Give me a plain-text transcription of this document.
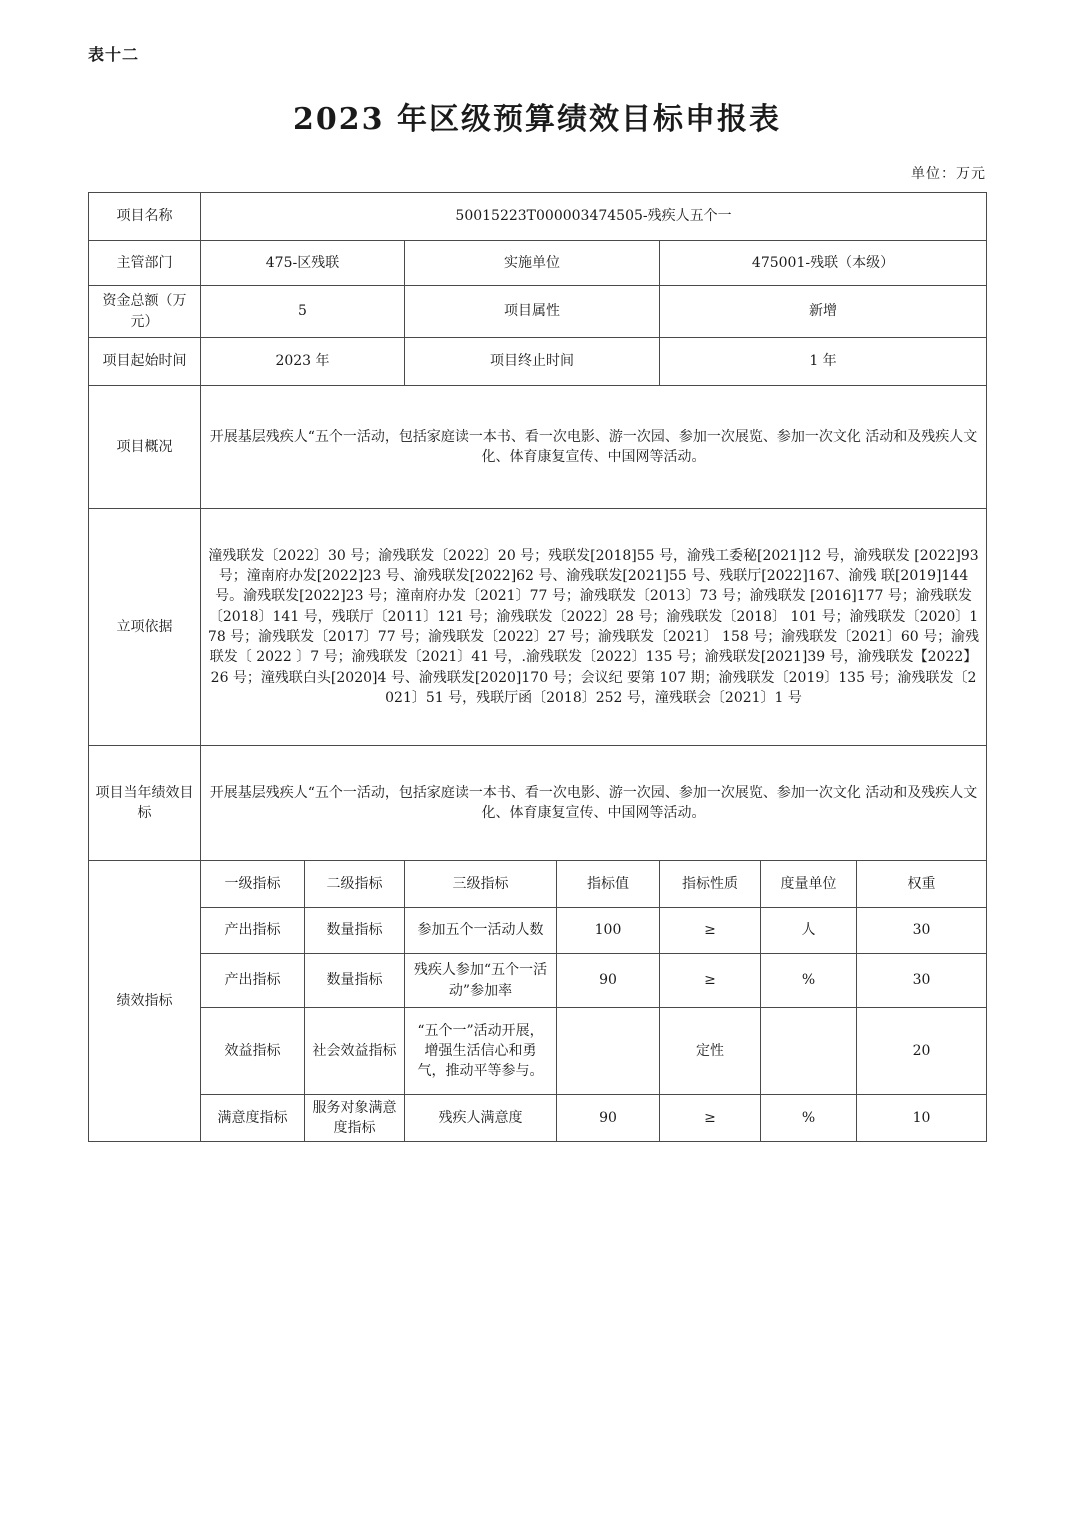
表十二
2023 年区级预算绩效目标申报表
单位：万元
项目名称	50015223T000003474505-残疾人五个一						
主管部门	475-区残联		实施单位		475001-残联（本级）		
资金总额（万元）	5		项目属性		新增		
项目起始时间	2023 年		项目终止时间		1 年		
项目概况	开展基层残疾人“五个一活动，包括家庭读一本书、看一次电影、游一次园、参加一次展览、参加一次文化 活动和及残疾人文化、体育康复宣传、中国网等活动。						
立项依据	潼残联发〔2022〕30 号；渝残联发〔2022〕20 号；残联发[2018]55 号，渝残工委秘[2021]12 号，渝残联发 [2022]93 号；潼南府办发[2022]23 号、渝残联发[2022]62 号、渝残联发[2021]55 号、残联厅[2022]167、渝残 联[2019]144 号。渝残联发[2022]23 号；潼南府办发〔2021〕77 号；渝残联发〔2013〕73 号；渝残联发 [2016]177 号；渝残联发〔2018〕141 号，残联厅〔2011〕121 号；渝残联发〔2022〕28 号；渝残联发〔2018〕 101 号；渝残联发〔2020〕178 号；渝残联发〔2017〕77 号；渝残联发〔2022〕27 号；渝残联发〔2021〕 158 号；渝残联发〔2021〕60 号；渝残联发〔 2022 〕7 号；渝残联发〔2021〕41 号，.渝残联发〔2022〕135 号；渝残联发[2021]39 号，渝残联发【2022】26 号；潼残联白头[2020]4 号、渝残联发[2020]170 号；会议纪 要第 107 期；渝残联发〔2019〕135 号；渝残联发〔2021〕51 号，残联厅函〔2018〕252 号，潼残联会〔2021〕1 号						
项目当年绩效目标	开展基层残疾人“五个一活动，包括家庭读一本书、看一次电影、游一次园、参加一次展览、参加一次文化 活动和及残疾人文化、体育康复宣传、中国网等活动。						
绩效指标	一级指标	二级指标	三级指标	指标值	指标性质	度量单位	权重
	产出指标	数量指标	参加五个一活动人数	100	≥	人	30
	产出指标	数量指标	残疾人参加“五个一活动”参加率	90	≥	%	30
	效益指标	社会效益指标	“五个一”活动开展，增强生活信心和勇气，推动平等参与。		定性		20
	满意度指标	服务对象满意度指标	残疾人满意度	90	≥	%	10
